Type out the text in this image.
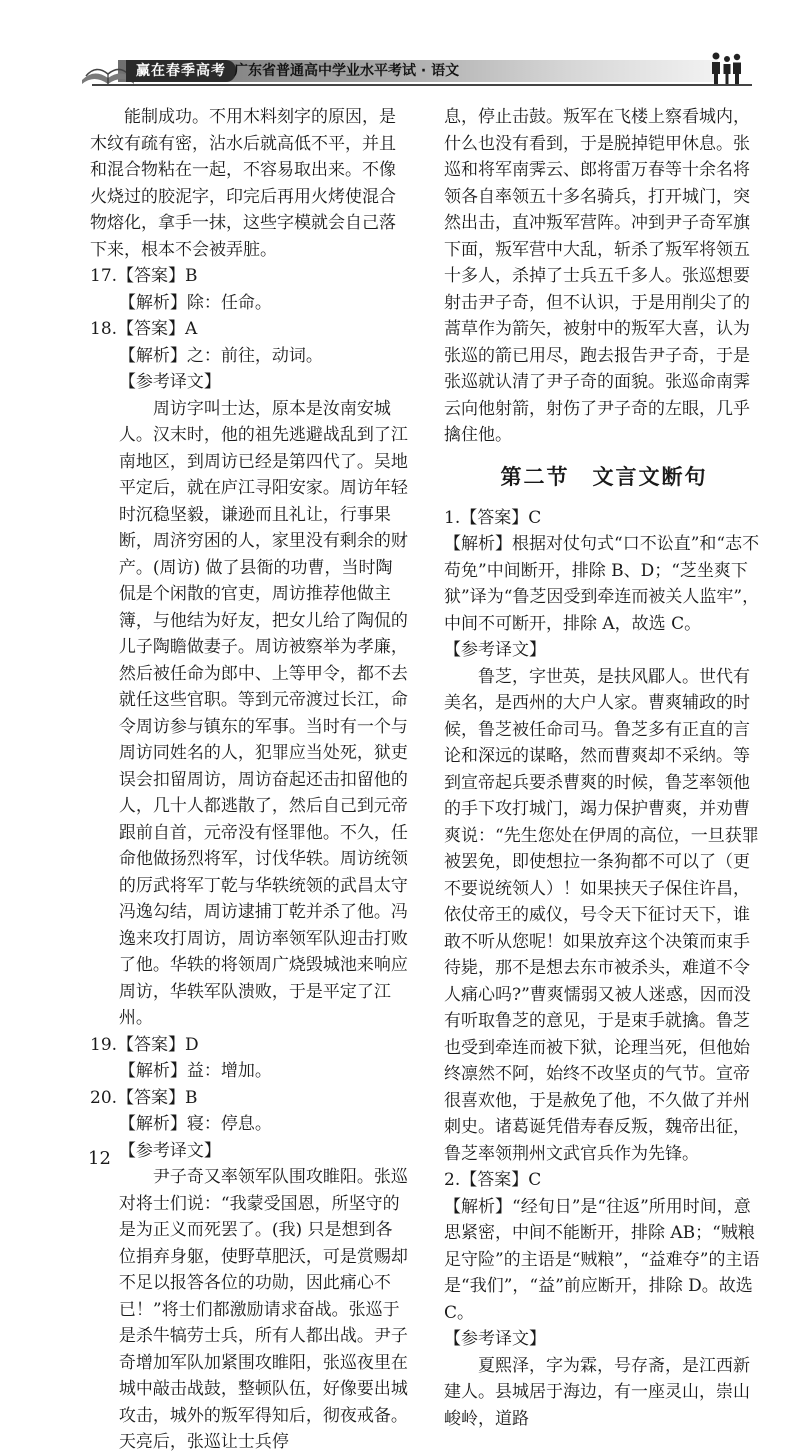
赢在春季高考 广东省普通高中学业水平考试 · 语文

能制成功。不用木料刻字的原因，是木纹有疏有密，沾水后就高低不平，并且和混合物粘在一起，不容易取出来。不像火烧过的胶泥字，印完后再用火烤使混合物熔化，拿手一抹，这些字模就会自己落下来，根本不会被弄脏。

17.【答案】B

【解析】除：任命。

18.【答案】A

【解析】之：前往，动词。

【参考译文】

周访字叫士达，原本是汝南安城人。汉末时，他的祖先逃避战乱到了江南地区，到周访已经是第四代了。吴地平定后，就在庐江寻阳安家。周访年轻时沉稳坚毅，谦逊而且礼让，行事果断，周济穷困的人，家里没有剩余的财产。(周访) 做了县衙的功曹，当时陶侃是个闲散的官吏，周访推荐他做主簿，与他结为好友，把女儿给了陶侃的儿子陶瞻做妻子。周访被察举为孝廉，然后被任命为郎中、上等甲令，都不去就任这些官职。等到元帝渡过长江，命令周访参与镇东的军事。当时有一个与周访同姓名的人，犯罪应当处死，狱吏误会扣留周访，周访奋起还击扣留他的人，几十人都逃散了，然后自己到元帝跟前自首，元帝没有怪罪他。不久，任命他做扬烈将军，讨伐华轶。周访统领的厉武将军丁乾与华轶统领的武昌太守冯逸勾结，周访逮捕丁乾并杀了他。冯逸来攻打周访，周访率领军队迎击打败了他。华轶的将领周广烧毁城池来响应周访，华轶军队溃败，于是平定了江州。

19.【答案】D

【解析】益：增加。

20.【答案】B

【解析】寝：停息。

【参考译文】

尹子奇又率领军队围攻睢阳。张巡对将士们说：“我蒙受国恩，所坚守的是为正义而死罢了。(我) 只是想到各位捐弃身躯，使野草肥沃，可是赏赐却不足以报答各位的功勋，因此痛心不已！”将士们都激励请求奋战。张巡于是杀牛犒劳士兵，所有人都出战。尹子奇增加军队加紧围攻睢阳，张巡夜里在城中敲击战鼓，整顿队伍，好像要出城攻击，城外的叛军得知后，彻夜戒备。天亮后，张巡让士兵停

息，停止击鼓。叛军在飞楼上察看城内，什么也没有看到，于是脱掉铠甲休息。张巡和将军南霁云、郎将雷万春等十余名将领各自率领五十多名骑兵，打开城门，突然出击，直冲叛军营阵。冲到尹子奇军旗下面，叛军营中大乱，斩杀了叛军将领五十多人，杀掉了士兵五千多人。张巡想要射击尹子奇，但不认识，于是用削尖了的蒿草作为箭矢，被射中的叛军大喜，认为张巡的箭已用尽，跑去报告尹子奇，于是张巡就认清了尹子奇的面貌。张巡命南霁云向他射箭，射伤了尹子奇的左眼，几乎擒住他。

第二节　文言文断句

1.【答案】C

【解析】根据对仗句式“口不讼直”和“志不苟免”中间断开，排除 B、D；“芝坐爽下狱”译为“鲁芝因受到牵连而被关人监牢”，中间不可断开，排除 A，故选 C。

【参考译文】

鲁芝，字世英，是扶风郿人。世代有美名，是西州的大户人家。曹爽辅政的时候，鲁芝被任命司马。鲁芝多有正直的言论和深远的谋略，然而曹爽却不采纳。等到宣帝起兵要杀曹爽的时候，鲁芝率领他的手下攻打城门，竭力保护曹爽，并劝曹爽说：“先生您处在伊周的高位，一旦获罪被罢免，即使想拉一条狗都不可以了（更不要说统领人）！如果挟天子保住许昌，依仗帝王的威仪，号令天下征讨天下，谁敢不听从您呢！如果放弃这个决策而束手待毙，那不是想去东市被杀头，难道不令人痛心吗?”曹爽懦弱又被人迷惑，因而没有听取鲁芝的意见，于是束手就擒。鲁芝也受到牵连而被下狱，论理当死，但他始终凛然不阿，始终不改坚贞的气节。宣帝很喜欢他，于是赦免了他，不久做了并州刺史。诸葛诞凭借寿春反叛，魏帝出征，鲁芝率领荆州文武官兵作为先锋。

2.【答案】C

【解析】“经旬日”是“往返”所用时间，意思紧密，中间不能断开，排除 AB；“贼粮足守险”的主语是“贼粮”，“益难夺”的主语是“我们”，“益”前应断开，排除 D。故选 C。

【参考译文】

夏熙泽，字为霖，号存斋，是江西新建人。县城居于海边，有一座灵山，崇山峻岭，道路

12
